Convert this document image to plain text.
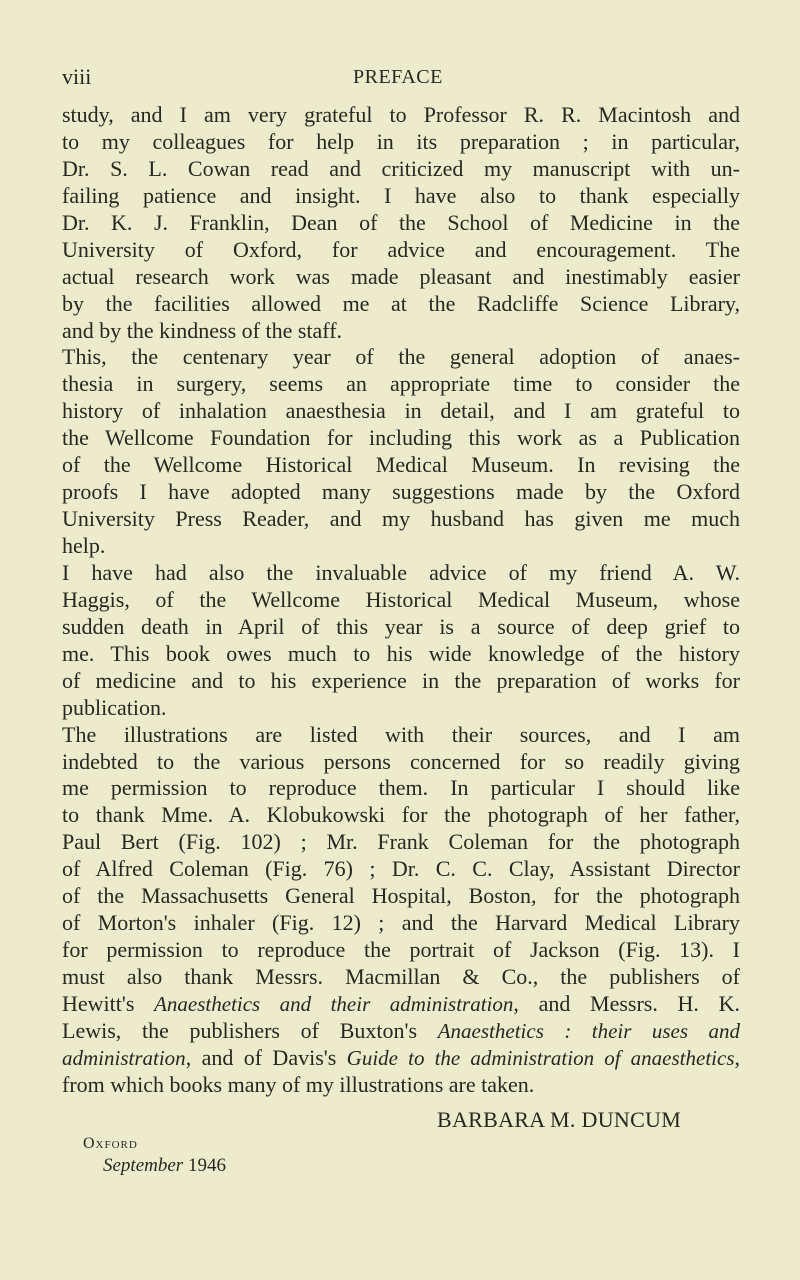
viii	PREFACE
study, and I am very grateful to Professor R. R. Macintosh and
to my colleagues for help in its preparation ; in particular,
Dr. S. L. Cowan read and criticized my manuscript with un-
failing patience and insight. I have also to thank especially
Dr. K. J. Franklin, Dean of the School of Medicine in the
University of Oxford, for advice and encouragement. The
actual research work was made pleasant and inestimably easier
by the facilities allowed me at the Radcliffe Science Library,
and by the kindness of the staff.
This, the centenary year of the general adoption of anaes-
thesia in surgery, seems an appropriate time to consider the
history of inhalation anaesthesia in detail, and I am grateful to
the Wellcome Foundation for including this work as a Publication
of the Wellcome Historical Medical Museum. In revising the
proofs I have adopted many suggestions made by the Oxford
University Press Reader, and my husband has given me much
help.
I have had also the invaluable advice of my friend A. W.
Haggis, of the Wellcome Historical Medical Museum, whose
sudden death in April of this year is a source of deep grief to
me. This book owes much to his wide knowledge of the history
of medicine and to his experience in the preparation of works for
publication.
The illustrations are listed with their sources, and I am
indebted to the various persons concerned for so readily giving
me permission to reproduce them. In particular I should like
to thank Mme. A. Klobukowski for the photograph of her father,
Paul Bert (Fig. 102) ; Mr. Frank Coleman for the photograph
of Alfred Coleman (Fig. 76) ; Dr. C. C. Clay, Assistant Director
of the Massachusetts General Hospital, Boston, for the photograph
of Morton's inhaler (Fig. 12) ; and the Harvard Medical Library
for permission to reproduce the portrait of Jackson (Fig. 13). I
must also thank Messrs. Macmillan & Co., the publishers of
Hewitt's Anaesthetics and their administration, and Messrs. H. K.
Lewis, the publishers of Buxton's Anaesthetics : their uses and
administration, and of Davis's Guide to the administration of anaesthetics,
from which books many of my illustrations are taken.
BARBARA M. DUNCUM
Oxford
September 1946
